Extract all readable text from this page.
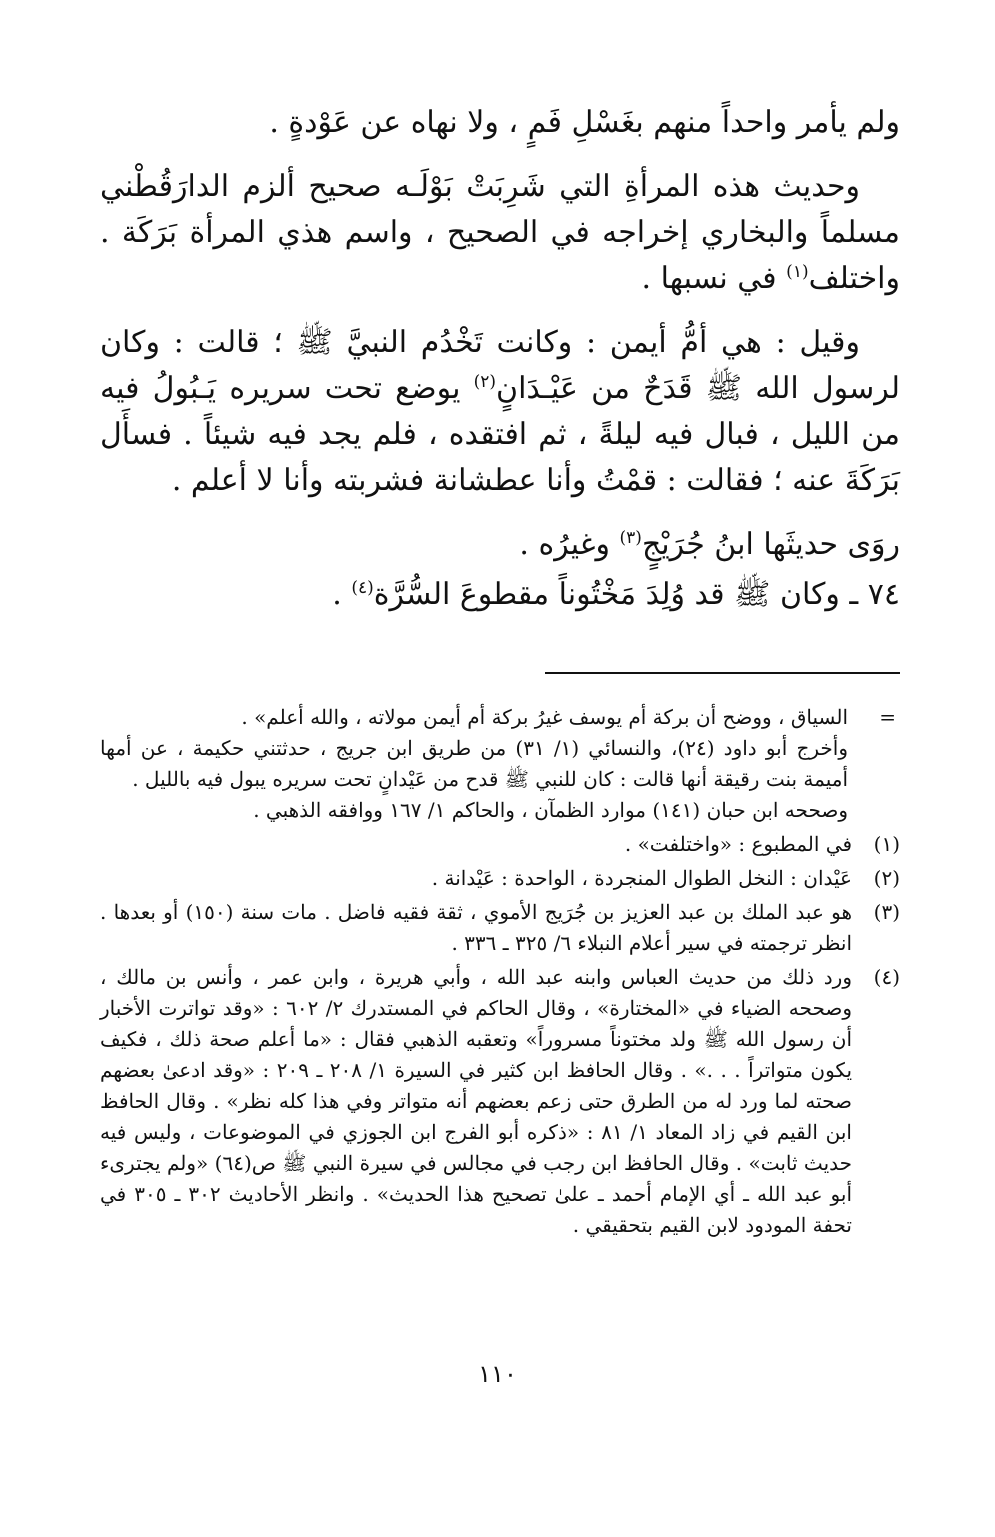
ولم يأمر واحداً منهم بغَسْلِ فَمٍ ، ولا نهاه عن عَوْدةٍ .

وحديث هذه المرأةِ التي شَرِبَتْ بَوْلَـه صحيح ألزم الدارَقُطْني مسلماً والبخاري إخراجه في الصحيح ، واسم هذي المرأة بَرَكَة . واختلف$^{(١)}$ في نسبها .

وقيل : هي أمُّ أيمن : وكانت تَخْدُم النبيَّ ﷺ ؛ قالت : وكان لرسول الله ﷺ قَدَحٌ من عَيْـدَانٍ$^{(٢)}$ يوضع تحت سريره يَـبُولُ فيه من الليل ، فبال فيه ليلةً ، ثم افتقده ، فلم يجد فيه شيئاً . فسأَل بَرَكَةَ عنه ؛ فقالت : قمْتُ وأنا عطشانة فشربته وأنا لا أعلم .

روَى حديثَها ابنُ جُرَيْجٍ$^{(٣)}$ وغيرُه .

٧٤ ـ وكان ﷺ قد وُلِدَ مَخْتُوناً مقطوعَ السُّرَّة$^{(٤)}$ .

=
السياق ، ووضح أن بركة أم يوسف غيرُ بركة أم أيمن مولاته ، والله أعلم» .
وأخرج أبو داود (٢٤)، والنسائي (١/ ٣١) من طريق ابن جريج ، حدثتني حكيمة ، عن أمها أميمة بنت رقيقة أنها قالت : كان للنبي ﷺ قدح من عَيْدانٍ تحت سريره يبول فيه بالليل .
وصححه ابن حبان (١٤١) موارد الظمآن ، والحاكم ١/ ١٦٧ ووافقه الذهبي .
(١)
في المطبوع : «واختلفت» .
(٢)
عَيْدان : النخل الطوال المنجردة ، الواحدة : عَيْدانة .
(٣)
هو عبد الملك بن عبد العزيز بن جُرَيج الأموي ، ثقة فقيه فاضل . مات سنة (١٥٠) أو بعدها . انظر ترجمته في سير أعلام النبلاء ٦/ ٣٢٥ ـ ٣٣٦ .
(٤)
ورد ذلك من حديث العباس وابنه عبد الله ، وأبي هريرة ، وابن عمر ، وأنس بن مالك ، وصححه الضياء في «المختارة» ، وقال الحاكم في المستدرك ٢/ ٦٠٢ : «وقد تواترت الأخبار أن رسول الله ﷺ ولد مختوناً مسروراً» وتعقبه الذهبي فقال : «ما أعلم صحة ذلك ، فكيف يكون متواتراً . . .» . وقال الحافظ ابن كثير في السيرة ١/ ٢٠٨ ـ ٢٠٩ : «وقد ادعىٰ بعضهم صحته لما ورد له من الطرق حتى زعم بعضهم أنه متواتر وفي هذا كله نظر» . وقال الحافظ ابن القيم في زاد المعاد ١/ ٨١ : «ذكره أبو الفرج ابن الجوزي في الموضوعات ، وليس فيه حديث ثابت» . وقال الحافظ ابن رجب في مجالس في سيرة النبي ﷺ ص(٦٤) «ولم يجترىء أبو عبد الله ـ أي الإمام أحمد ـ علىٰ تصحيح هذا الحديث» . وانظر الأحاديث ٣٠٢ ـ ٣٠٥ في تحفة المودود لابن القيم بتحقيقي .
١١٠
